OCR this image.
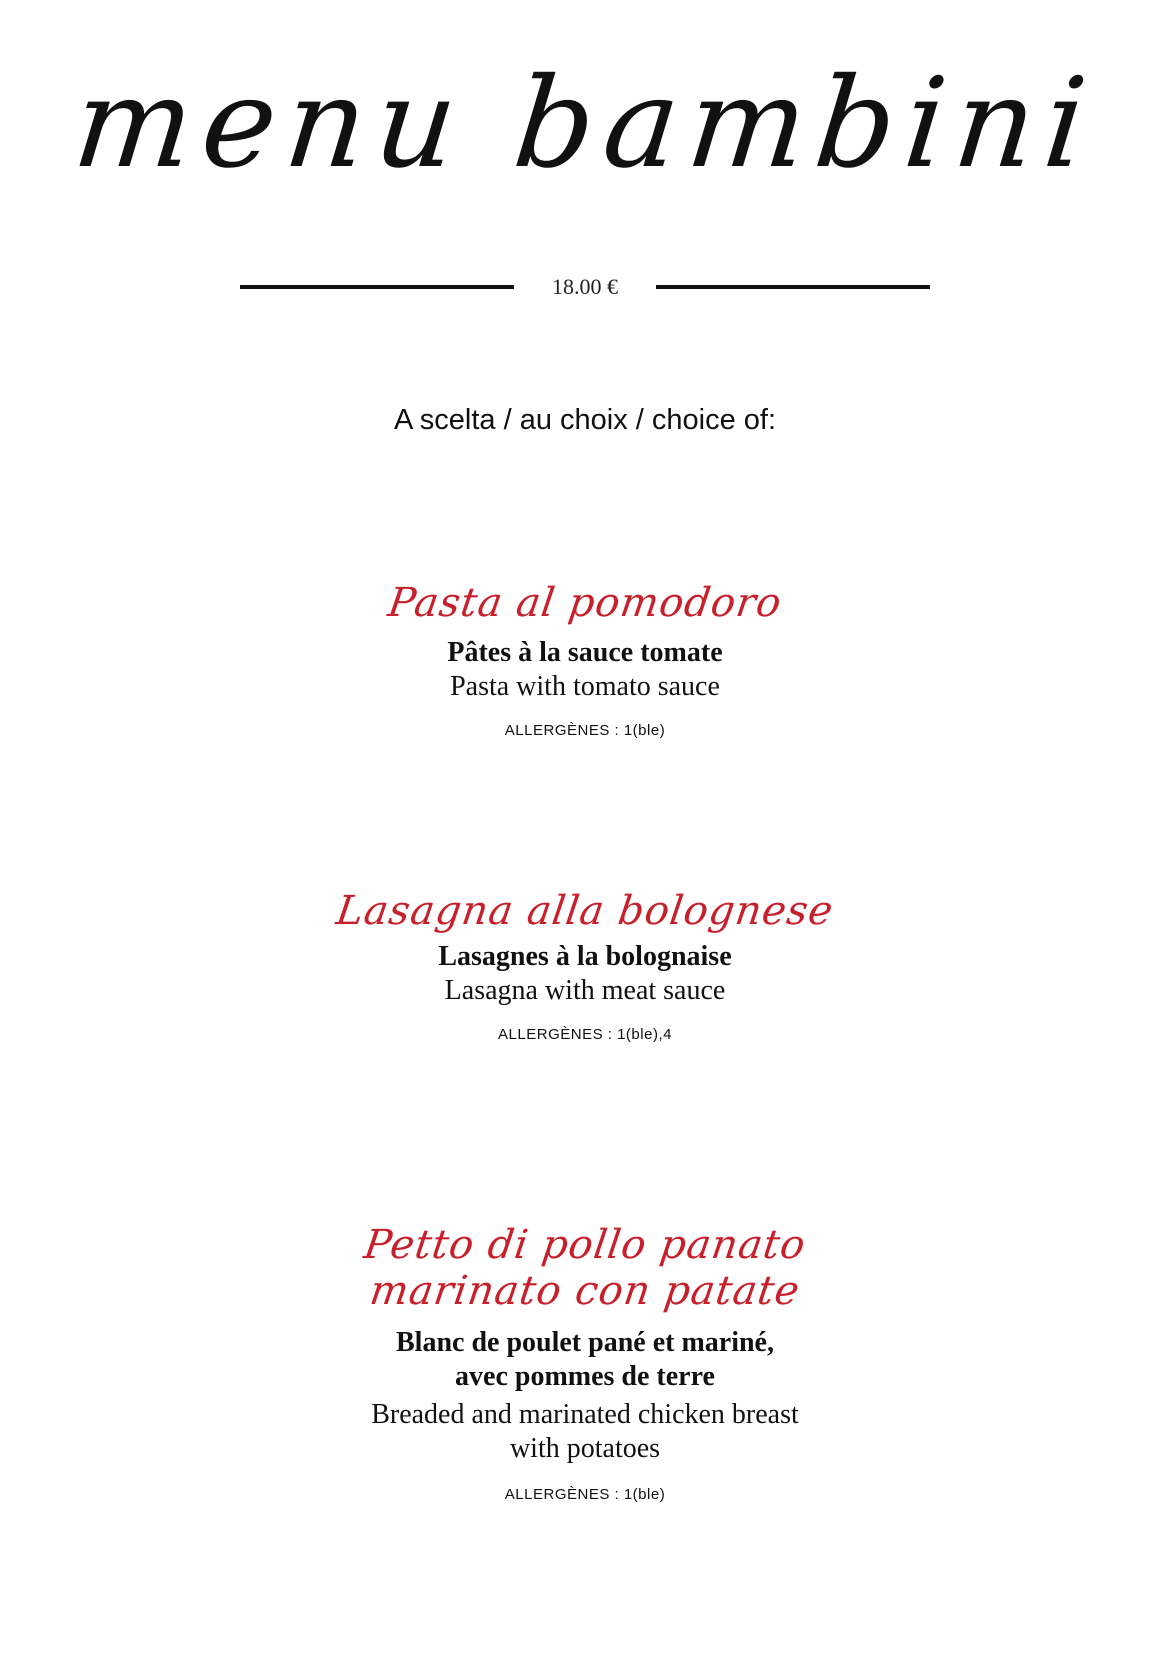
menu bambini
18.00 €
A scelta / au choix / choice of:
Pasta al pomodoro
Pâtes à la sauce tomate
Pasta with tomato sauce
ALLERGÈNES : 1(ble)
Lasagna alla bolognese
Lasagnes à la bolognaise
Lasagna with meat sauce
ALLERGÈNES : 1(ble),4
Petto di pollo panato
marinato con patate
Blanc de poulet pané et mariné,
avec pommes de terre
Breaded and marinated chicken breast
with potatoes
ALLERGÈNES : 1(ble)
